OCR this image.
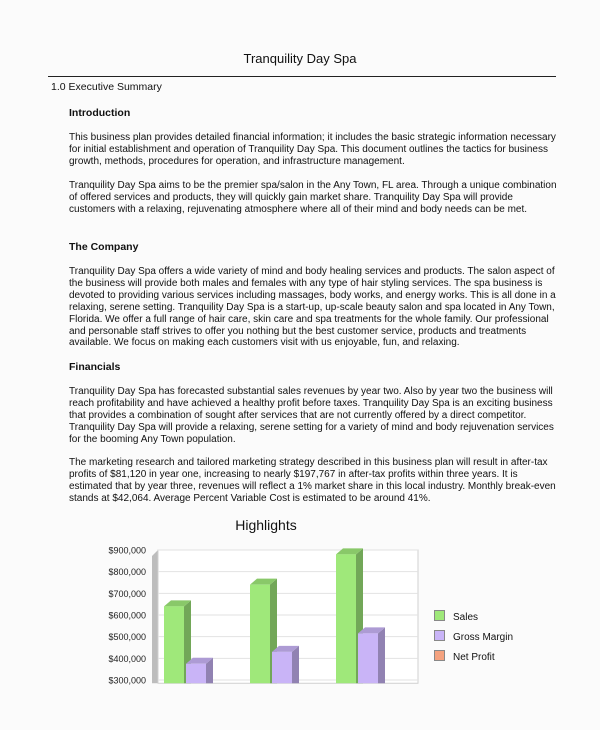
Tranquility Day Spa
1.0 Executive Summary
Introduction
This business plan provides detailed financial information; it includes the basic strategic information necessary for initial establishment and operation of Tranquility Day Spa. This document outlines the tactics for business growth, methods, procedures for operation, and infrastructure management.
Tranquility Day Spa aims to be the premier spa/salon in the Any Town, FL area. Through a unique combination of offered services and products, they will quickly gain market share. Tranquility Day Spa will provide customers with a relaxing, rejuvenating atmosphere where all of their mind and body needs can be met.
The Company
Tranquility Day Spa offers a wide variety of mind and body healing services and products. The salon aspect of the business will provide both males and females with any type of hair styling services. The spa business is devoted to providing various services including massages, body works, and energy works. This is all done in a relaxing, serene setting. Tranquility Day Spa is a start-up, up-scale beauty salon and spa located in Any Town, Florida. We offer a full range of hair care, skin care and spa treatments for the whole family. Our professional and personable staff strives to offer you nothing but the best customer service, products and treatments available. We focus on making each customers visit with us enjoyable, fun, and relaxing.
Financials
Tranquility Day Spa has forecasted substantial sales revenues by year two. Also by year two the business will reach profitability and have achieved a healthy profit before taxes. Tranquility Day Spa is an exciting business that provides a combination of sought after services that are not currently offered by a direct competitor. Tranquility Day Spa will provide a relaxing, serene setting for a variety of mind and body rejuvenation services for the booming Any Town population.
The marketing research and tailored marketing strategy described in this business plan will result in after-tax profits of $81,120 in year one, increasing to nearly $197,767 in after-tax profits within three years. It is estimated that by year three, revenues will reflect a 1% market share in this local industry. Monthly break-even stands at $42,064. Average Percent Variable Cost is estimated to be around 41%.
Highlights
$900,000
$800,000
$700,000
$600,000
$500,000
$400,000
$300,000
Sales
Gross Margin
Net Profit
